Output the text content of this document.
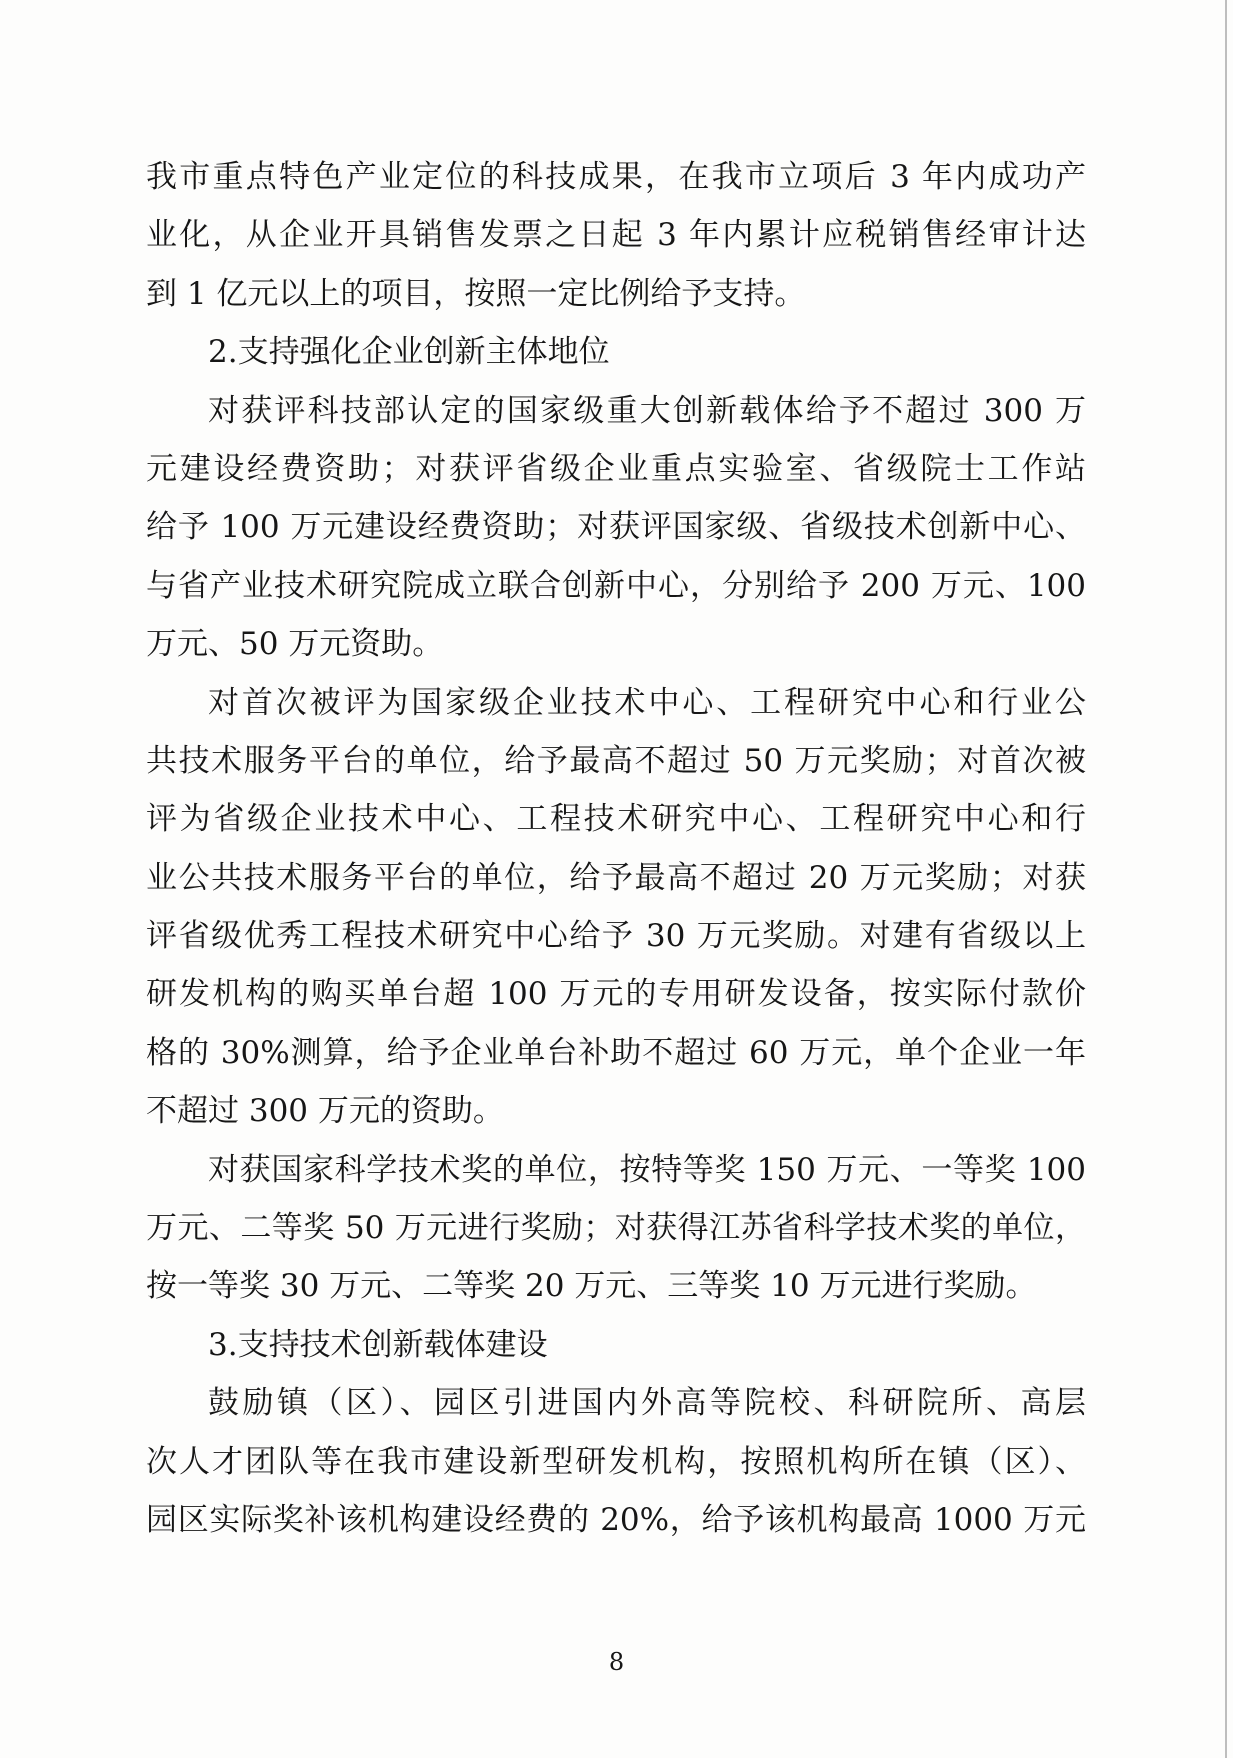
我市重点特色产业定位的科技成果，在我市立项后 3 年内成功产
业化，从企业开具销售发票之日起 3 年内累计应税销售经审计达
到 1 亿元以上的项目，按照一定比例给予支持。
2.支持强化企业创新主体地位
对获评科技部认定的国家级重大创新载体给予不超过 300 万
元建设经费资助；对获评省级企业重点实验室、省级院士工作站
给予 100 万元建设经费资助；对获评国家级、省级技术创新中心、
与省产业技术研究院成立联合创新中心，分别给予 200 万元、100
万元、50 万元资助。
对首次被评为国家级企业技术中心、工程研究中心和行业公
共技术服务平台的单位，给予最高不超过 50 万元奖励；对首次被
评为省级企业技术中心、工程技术研究中心、工程研究中心和行
业公共技术服务平台的单位，给予最高不超过 20 万元奖励；对获
评省级优秀工程技术研究中心给予 30 万元奖励。对建有省级以上
研发机构的购买单台超 100 万元的专用研发设备，按实际付款价
格的 30%测算，给予企业单台补助不超过 60 万元，单个企业一年
不超过 300 万元的资助。
对获国家科学技术奖的单位，按特等奖 150 万元、一等奖 100
万元、二等奖 50 万元进行奖励；对获得江苏省科学技术奖的单位，
按一等奖 30 万元、二等奖 20 万元、三等奖 10 万元进行奖励。
3.支持技术创新载体建设
鼓励镇（区）、园区引进国内外高等院校、科研院所、高层
次人才团队等在我市建设新型研发机构，按照机构所在镇（区）、
园区实际奖补该机构建设经费的 20%，给予该机构最高 1000 万元
8
